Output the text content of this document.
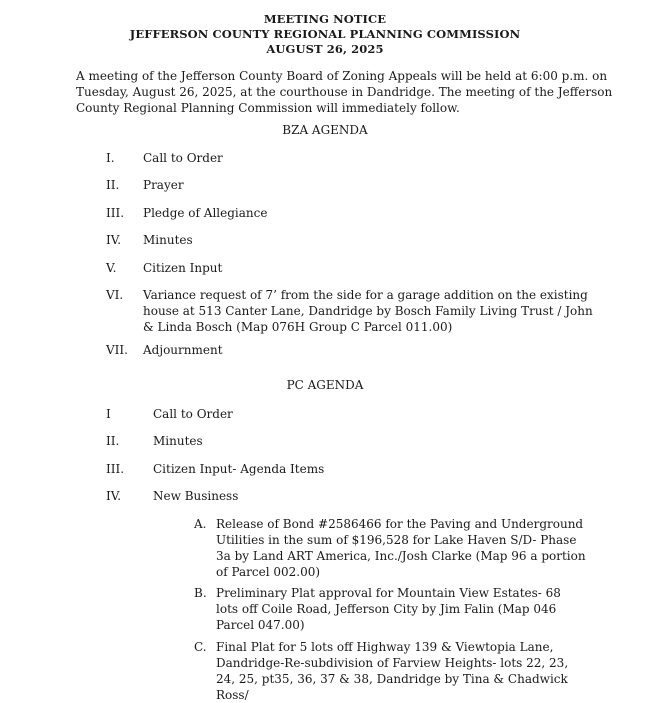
MEETING NOTICE
JEFFERSON COUNTY REGIONAL PLANNING COMMISSION
AUGUST 26, 2025
A meeting of the Jefferson County Board of Zoning Appeals will be held at 6:00 p.m. on Tuesday, August 26, 2025, at the courthouse in Dandridge. The meeting of the Jefferson County Regional Planning Commission will immediately follow.
BZA AGENDA
I. Call to Order
II. Prayer
III. Pledge of Allegiance
IV. Minutes
V. Citizen Input
VI. Variance request of 7’ from the side for a garage addition on the existing house at 513 Canter Lane, Dandridge by Bosch Family Living Trust / John & Linda Bosch (Map 076H Group C Parcel 011.00)
VII. Adjournment
PC AGENDA
I	Call to Order
II.	Minutes
III. Citizen Input- Agenda Items
IV.	New Business
A. Release of Bond #2586466 for the Paving and Underground Utilities in the sum of $196,528 for Lake Haven S/D- Phase 3a by Land ART America, Inc./Josh Clarke (Map 96 a portion of Parcel 002.00)
B. Preliminary Plat approval for Mountain View Estates- 68 lots off Coile Road, Jefferson City by Jim Falin (Map 046 Parcel 047.00)
C. Final Plat for 5 lots off Highway 139 & Viewtopia Lane, Dandridge-Re-subdivision of Farview Heights- lots 22, 23, 24, 25, pt35, 36, 37 & 38, Dandridge by Tina & Chadwick Ross/
